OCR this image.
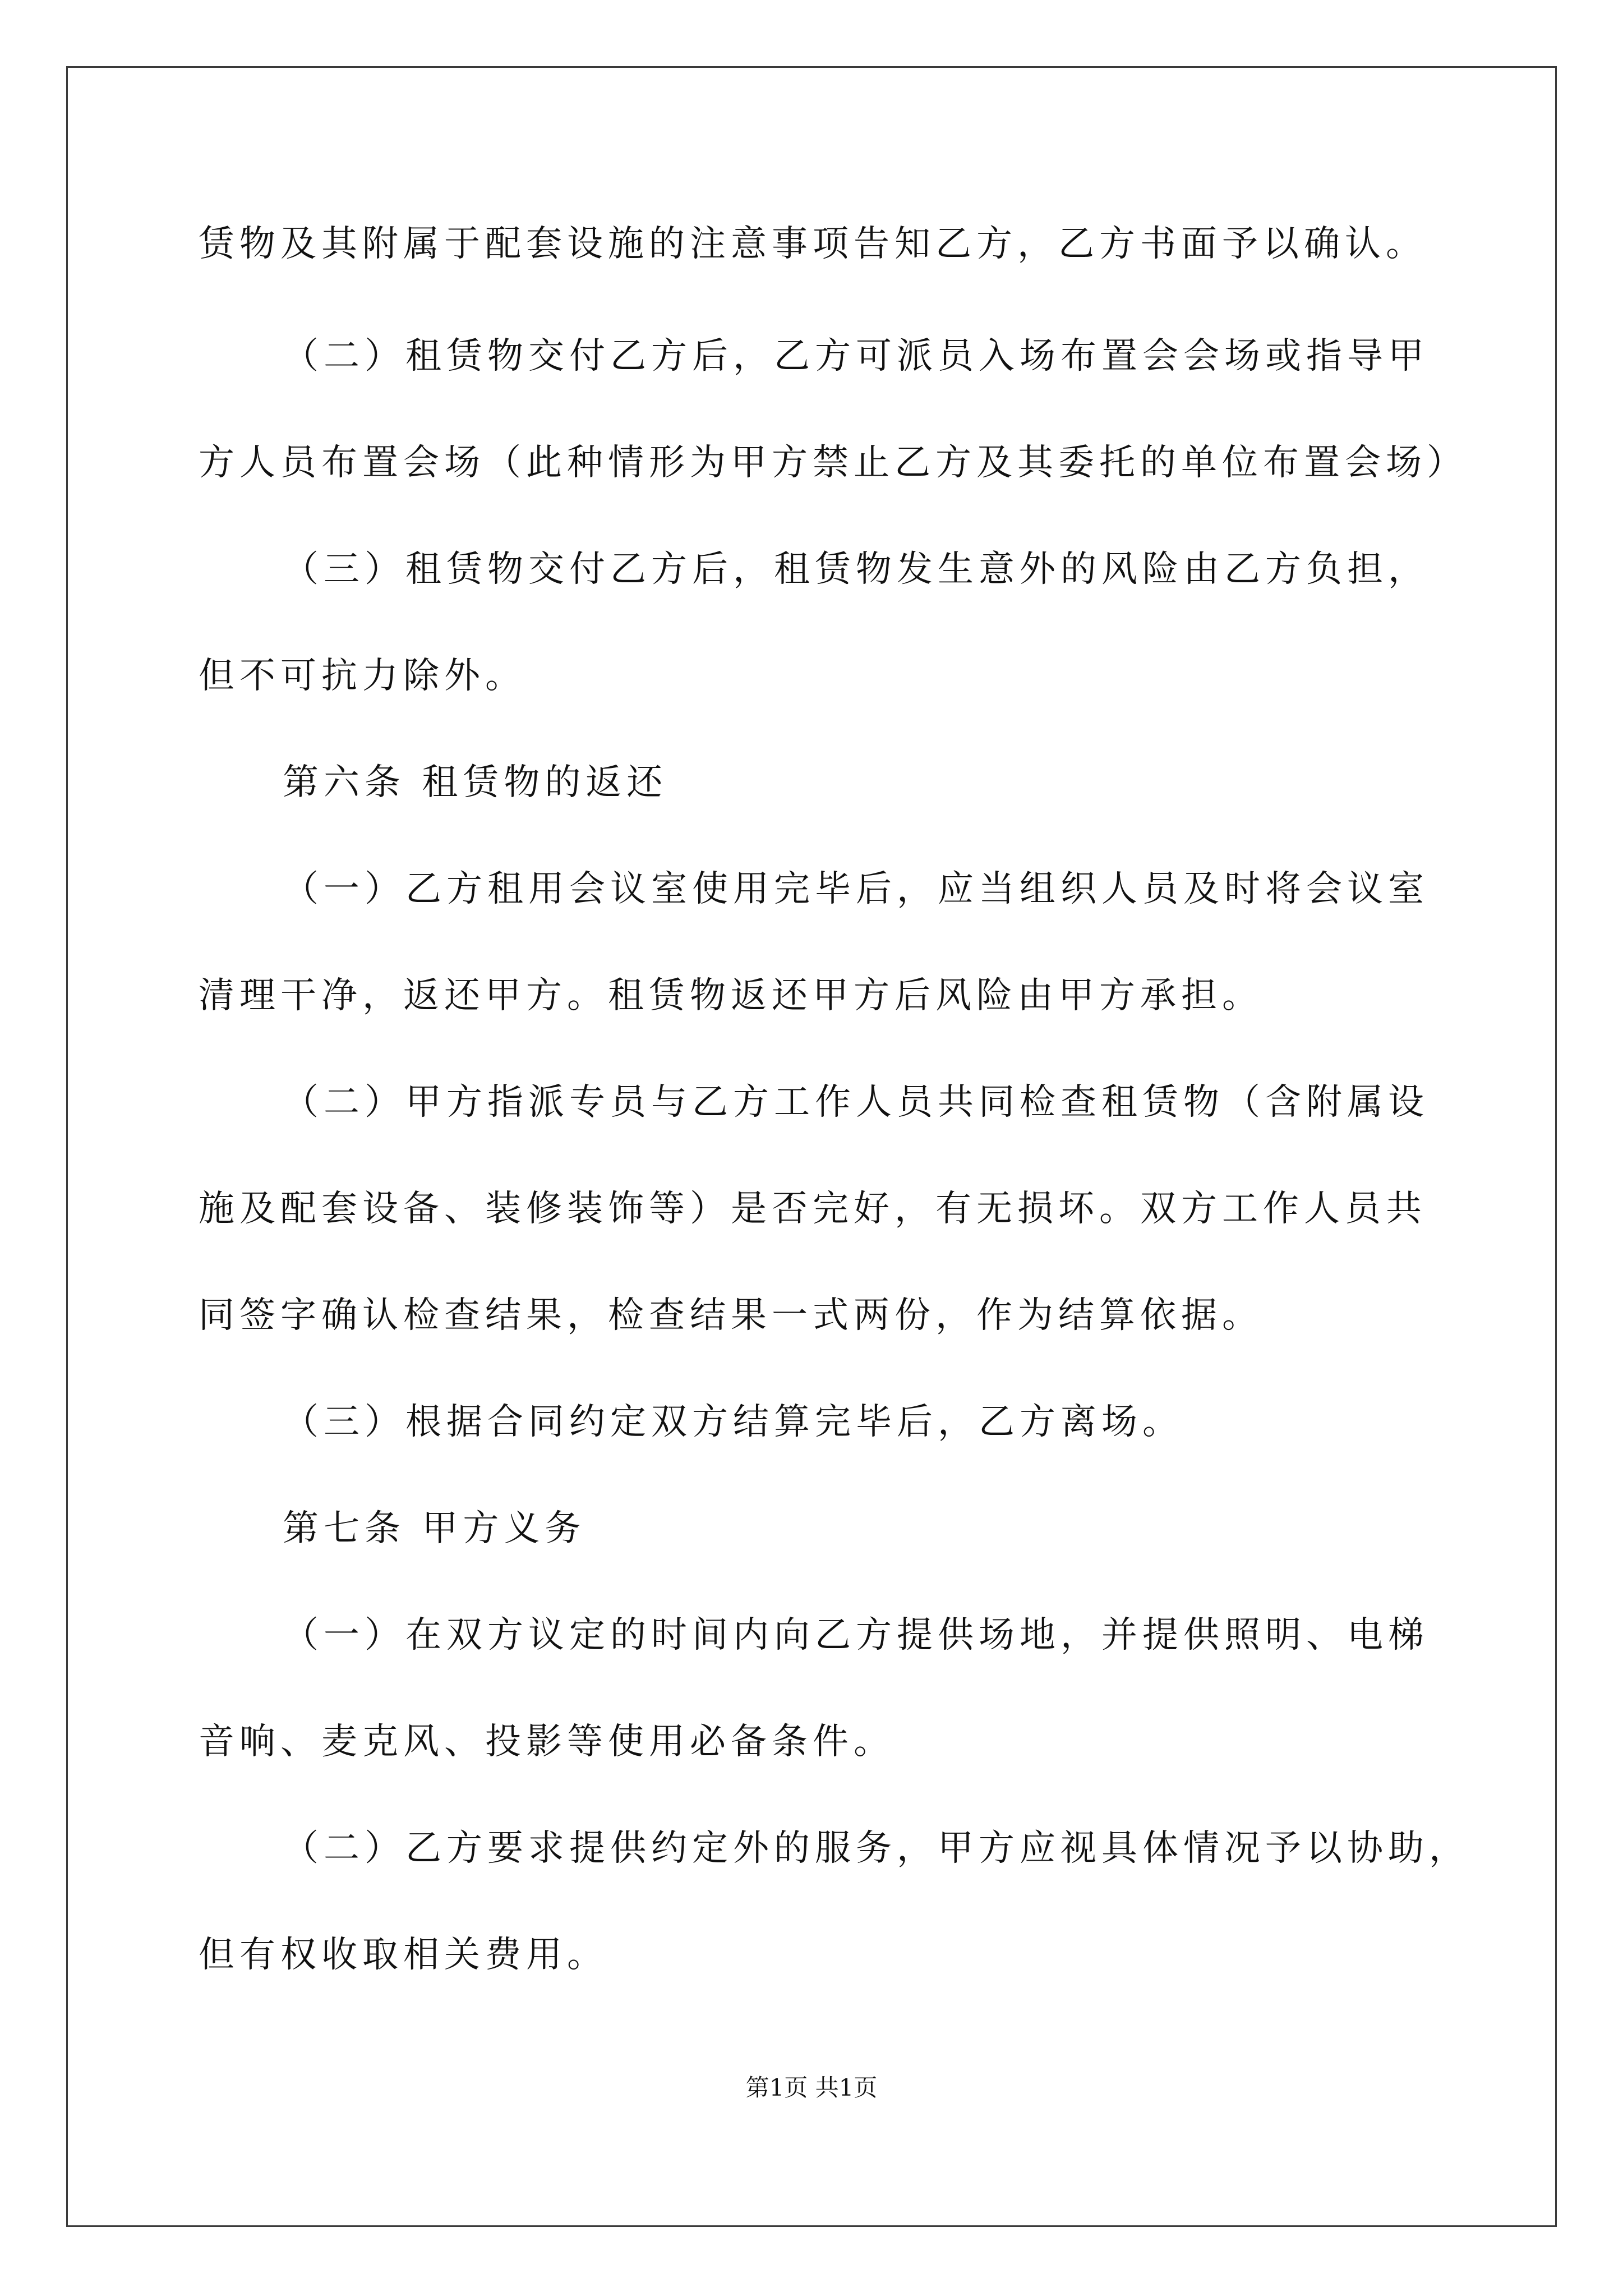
赁物及其附属于配套设施的注意事项告知乙方，乙方书面予以确认。
（二）租赁物交付乙方后，乙方可派员入场布置会会场或指导甲
方人员布置会场（此种情形为甲方禁止乙方及其委托的单位布置会场）
（三）租赁物交付乙方后，租赁物发生意外的风险由乙方负担，
但不可抗力除外。
第六条 租赁物的返还
（一）乙方租用会议室使用完毕后，应当组织人员及时将会议室
清理干净，返还甲方。租赁物返还甲方后风险由甲方承担。
（二）甲方指派专员与乙方工作人员共同检查租赁物（含附属设
施及配套设备、装修装饰等）是否完好，有无损坏。双方工作人员共
同签字确认检查结果，检查结果一式两份，作为结算依据。
（三）根据合同约定双方结算完毕后，乙方离场。
第七条 甲方义务
（一）在双方议定的时间内向乙方提供场地，并提供照明、电梯
音响、麦克风、投影等使用必备条件。
（二）乙方要求提供约定外的服务，甲方应视具体情况予以协助，
但有权收取相关费用。
第1页 共1页
